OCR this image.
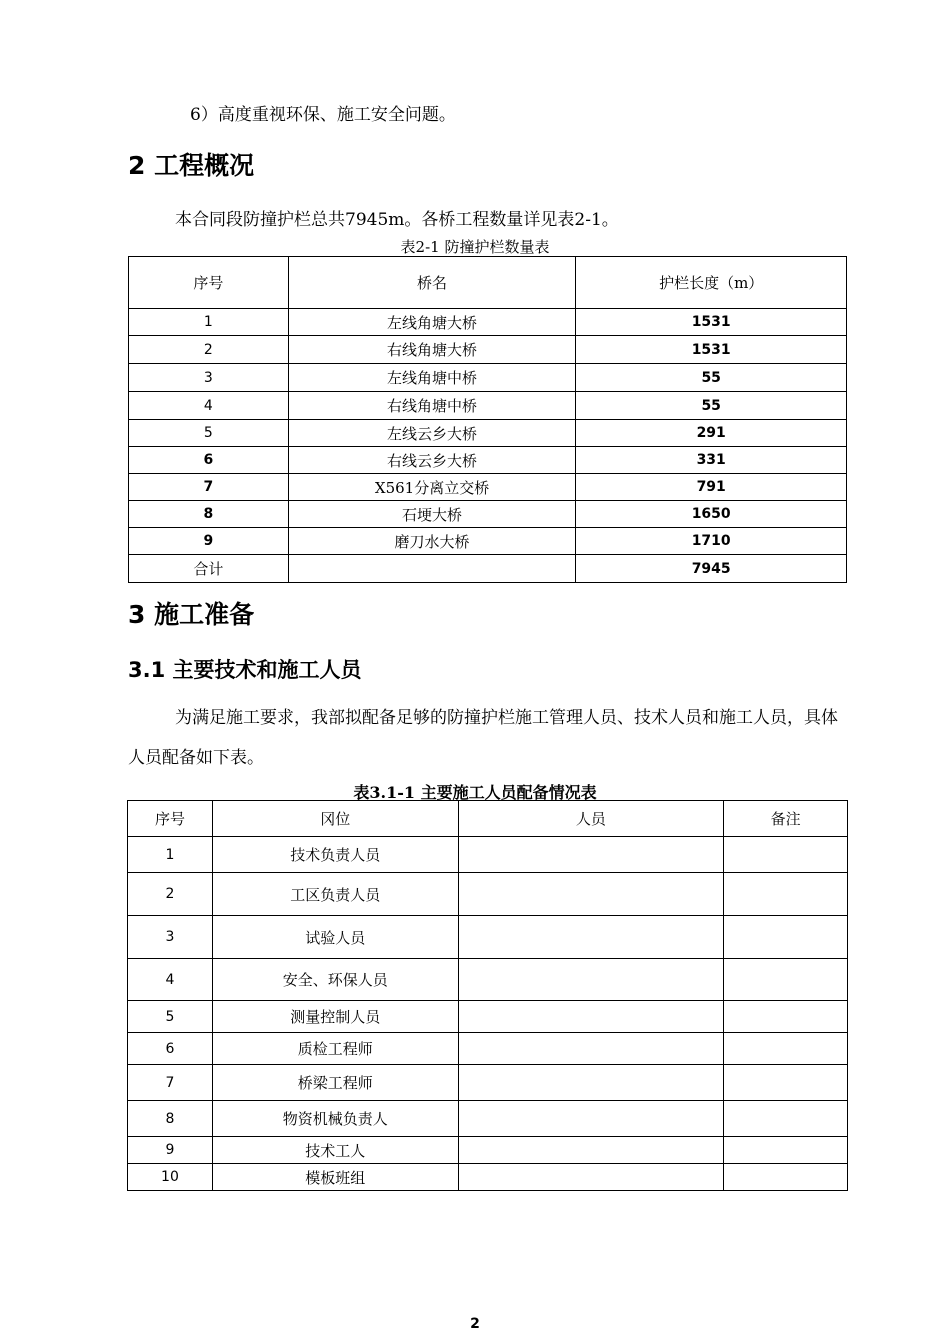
6）高度重视环保、施工安全问题。
2 工程概况
本合同段防撞护栏总共7945m。各桥工程数量详见表2-1。
表2-1 防撞护栏数量表
序号	桥名	护栏长度（m）
1	左线角塘大桥	1531
2	右线角塘大桥	1531
3	左线角塘中桥	55
4	右线角塘中桥	55
5	左线云乡大桥	291
6	右线云乡大桥	331
7	X561分离立交桥	791
8	石埂大桥	1650
9	磨刀水大桥	1710
合计		7945
3 施工准备
3.1 主要技术和施工人员
为满足施工要求，我部拟配备足够的防撞护栏施工管理人员、技术人员和施工人员，具体人员配备如下表。
表3.1-1 主要施工人员配备情况表
序号	冈位	人员	备注
1	技术负责人员		
2	工区负责人员		
3	试验人员		
4	安全、环保人员		
5	测量控制人员		
6	质检工程师		
7	桥梁工程师		
8	物资机械负责人		
9	技术工人		
10	模板班组		
2
